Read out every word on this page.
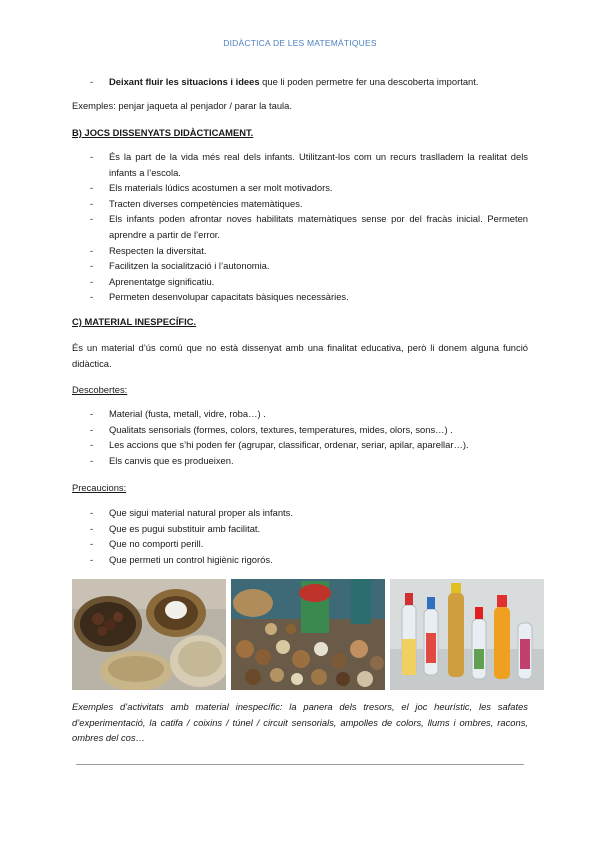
DIDÀCTICA DE LES MATEMÀTIQUES
- Deixant fluir les situacions i idees que li poden permetre fer una descoberta important.

Exemples: penjar jaqueta al penjador / parar la taula.

B) JOCS DISSENYATS DIDÀCTICAMENT.
- És la part de la vida més real dels infants. Utilitzant-los com un recurs traslladem la realitat dels infants a l’escola.
- Els materials lúdics acostumen a ser molt motivadors.
- Tracten diverses competències matemàtiques.
- Els infants poden afrontar noves habilitats matemàtiques sense por del fracàs inicial. Permeten aprendre a partir de l’error.
- Respecten la diversitat.
- Facilitzen la socialització i l’autonomia.
- Aprenentatge significatiu.
- Permeten desenvolupar capacitats bàsiques necessàries.
C) MATERIAL INESPECÍFIC.

És un material d’ús comú que no està dissenyat amb una finalitat educativa, però li donem alguna funció didàctica.

Descobertes:
- Material (fusta, metall, vidre, roba…) .
- Qualitats sensorials (formes, colors, textures, temperatures, mides, olors, sons…) .
- Les accions que s’hi poden fer (agrupar, classificar, ordenar, seriar, apilar, aparellar…).
- Els canvis que es produeixen.
Precaucions:
- Que sigui material natural proper als infants.
- Que es pugui substituir amb facilitat.
- Que no comporti perill.
- Que permeti un control higiènic rigorós.
Exemples d’activitats amb material inespecífic: la panera dels tresors, el joc heurístic, les safates d’experimentació, la catifa / coixins / túnel / circuit sensorials, ampolles de colors, llums i ombres, racons, ombres del cos…
